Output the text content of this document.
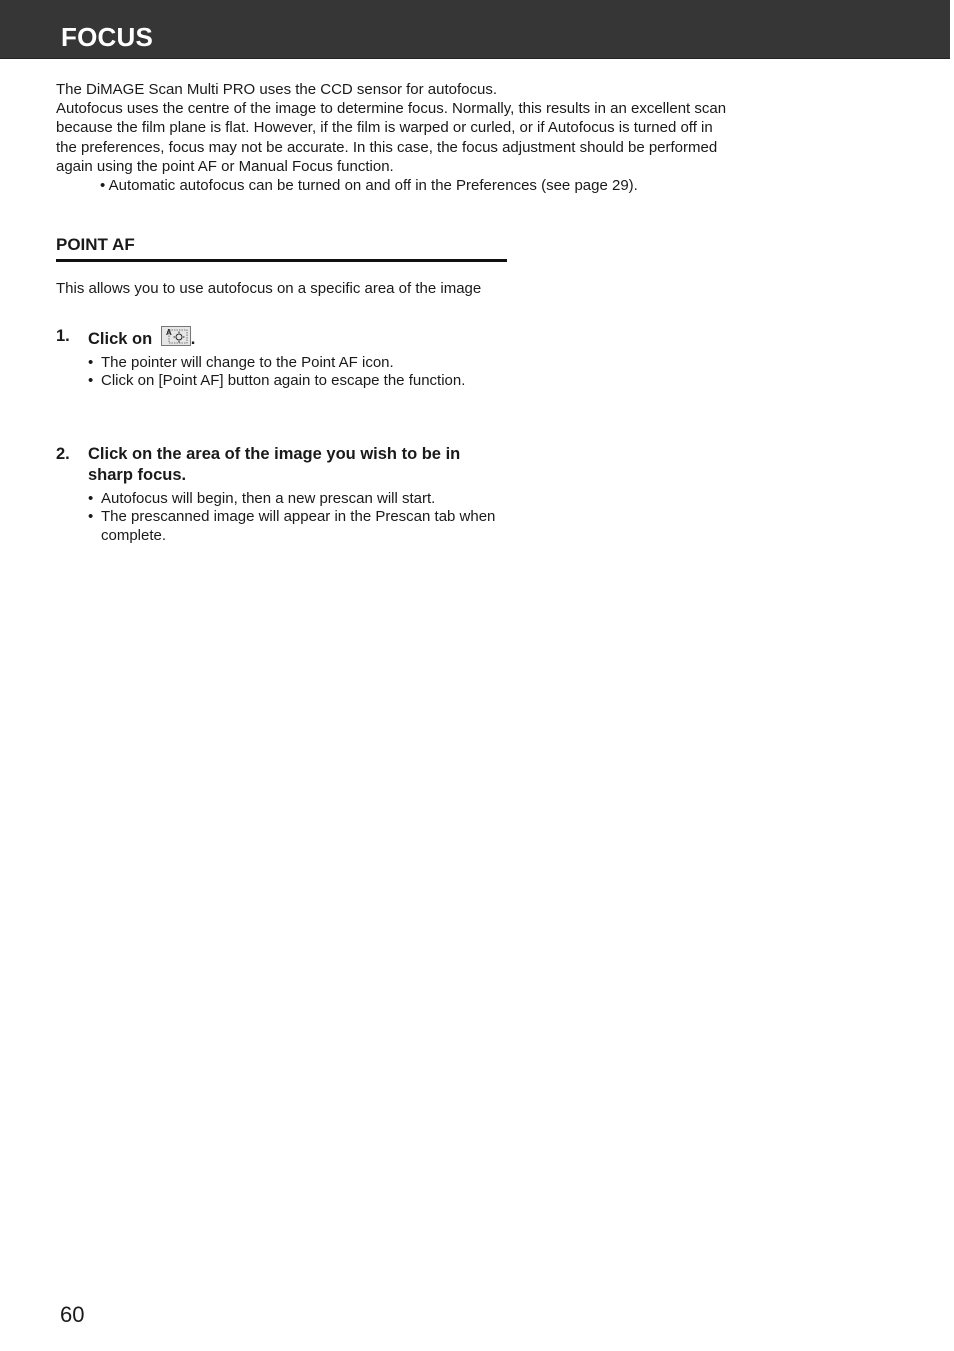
FOCUS

The DiMAGE Scan Multi PRO uses the CCD sensor for autofocus.

Autofocus uses the centre of the image to determine focus. Normally, this results in an excellent scan because the film plane is flat. However, if the film is warped or curled, or if Autofocus is turned off in the preferences, focus may not be accurate. In this case, the focus adjustment should be performed again using the point AF or Manual Focus function.

• Automatic autofocus can be turned on and off in the Preferences (see page 29).

POINT AF

This allows you to use autofocus on a specific area of the image

1.	Click on A .
• The pointer will change to the Point AF icon.
• Click on [Point AF] button again to escape the function.
2.	Click on the area of the image you wish to be in sharp focus.
• Autofocus will begin, then a new prescan will start.
• The prescanned image will appear in the Prescan tab when complete.
60
